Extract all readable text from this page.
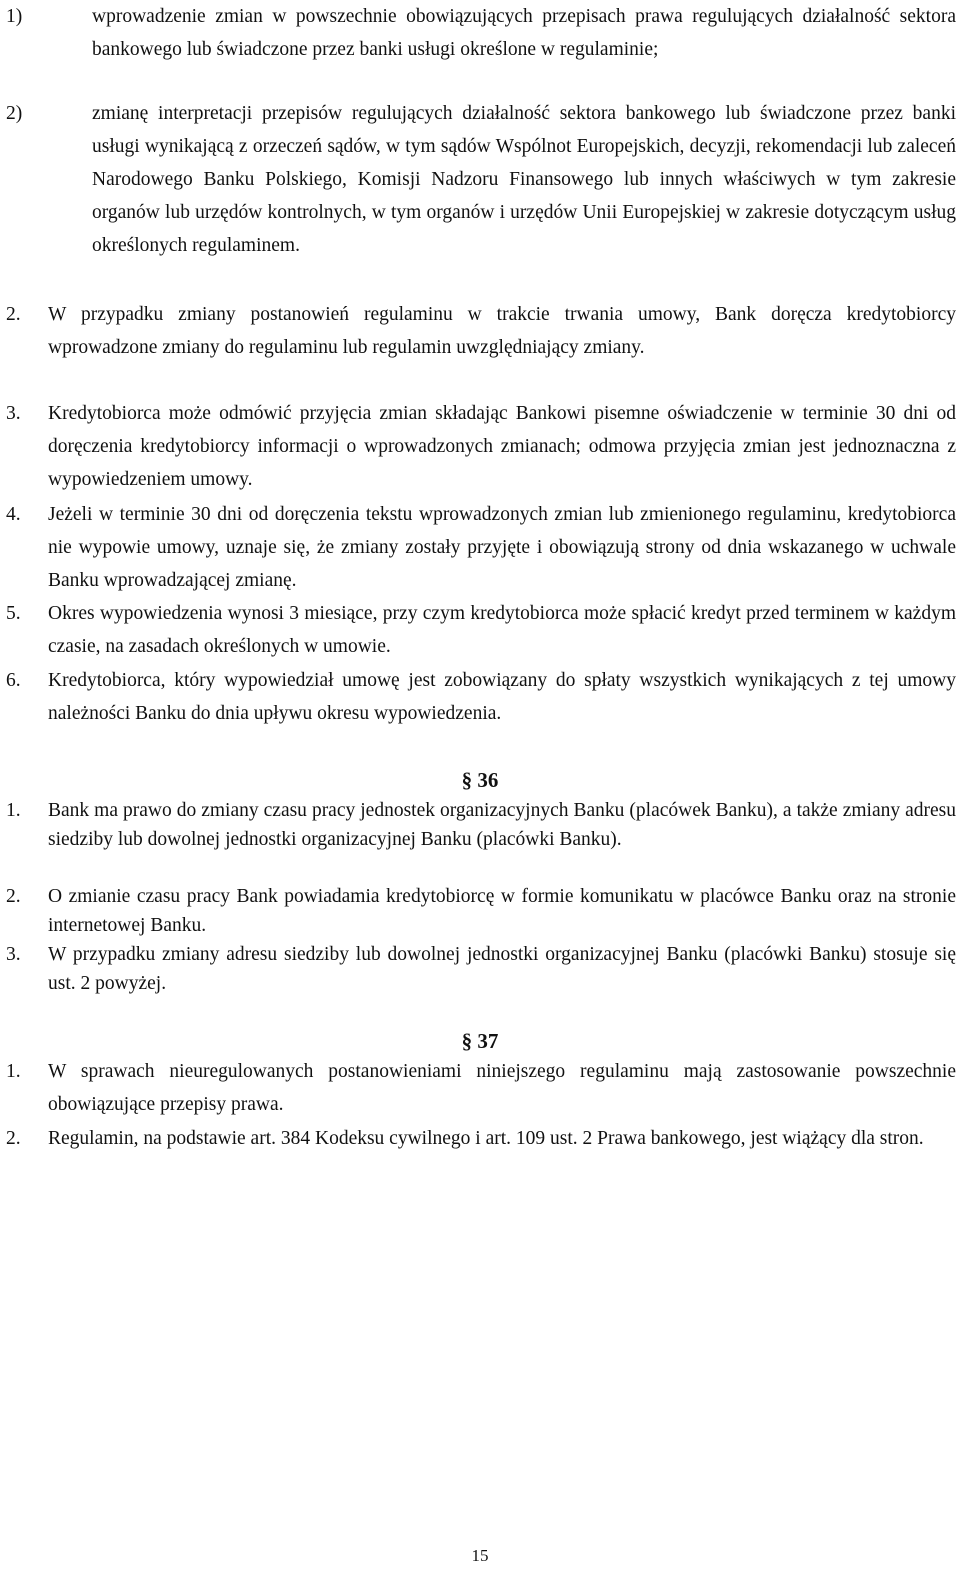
1)	wprowadzenie zmian w powszechnie obowiązujących przepisach prawa regulujących działalność sektora bankowego lub świadczone przez banki usługi określone w regulaminie;
2)	zmianę interpretacji przepisów regulujących działalność sektora bankowego lub świadczone przez banki usługi wynikającą z orzeczeń sądów, w tym sądów Wspólnot Europejskich, decyzji, rekomendacji lub zaleceń Narodowego Banku Polskiego, Komisji Nadzoru Finansowego lub innych właściwych w tym zakresie organów lub urzędów kontrolnych, w tym organów i urzędów Unii Europejskiej w zakresie dotyczącym usług określonych regulaminem.
2. W przypadku zmiany postanowień regulaminu w trakcie trwania umowy, Bank doręcza kredytobiorcy wprowadzone zmiany do regulaminu lub regulamin uwzględniający zmiany.
3. Kredytobiorca może odmówić przyjęcia zmian składając Bankowi pisemne oświadczenie w terminie 30 dni od doręczenia kredytobiorcy informacji o wprowadzonych zmianach; odmowa przyjęcia zmian jest jednoznaczna z wypowiedzeniem umowy.
4. Jeżeli w terminie 30 dni od doręczenia tekstu wprowadzonych zmian lub zmienionego regulaminu, kredytobiorca nie wypowie umowy, uznaje się, że zmiany zostały przyjęte i obowiązują strony od dnia wskazanego w uchwale Banku wprowadzającej zmianę.
5. Okres wypowiedzenia wynosi 3 miesiące, przy czym kredytobiorca może spłacić kredyt przed terminem w każdym czasie, na zasadach określonych w umowie.
6. Kredytobiorca, który wypowiedział umowę jest zobowiązany do spłaty wszystkich wynikających z tej umowy należności Banku do dnia upływu okresu wypowiedzenia.
§ 36
1. Bank ma prawo do zmiany czasu pracy jednostek organizacyjnych Banku (placówek Banku), a także zmiany adresu siedziby lub dowolnej jednostki organizacyjnej Banku (placówki Banku).
2. O zmianie czasu pracy Bank powiadamia kredytobiorcę w formie komunikatu w placówce Banku oraz na stronie internetowej Banku.
3. W przypadku zmiany adresu siedziby lub dowolnej jednostki organizacyjnej Banku (placówki Banku) stosuje się ust. 2 powyżej.
§ 37
1. W sprawach nieuregulowanych postanowieniami niniejszego regulaminu mają zastosowanie powszechnie obowiązujące przepisy prawa.
2. Regulamin, na podstawie art. 384 Kodeksu cywilnego i art. 109 ust. 2 Prawa bankowego, jest wiążący dla stron.
15
